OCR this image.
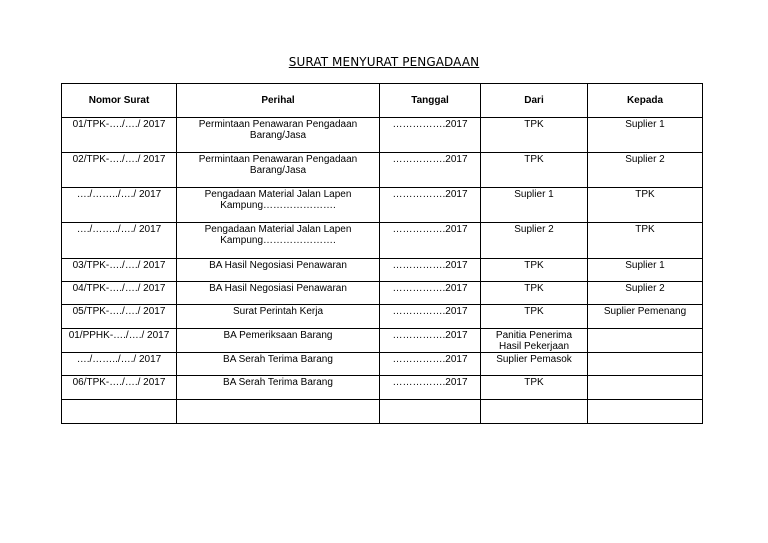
SURAT MENYURAT PENGADAAN
Nomor Surat	Perihal	Tanggal	Dari	Kepada
01/TPK-…./…./ 2017	Permintaan Penawaran Pengadaan Barang/Jasa	…………….2017	TPK	Suplier 1
02/TPK-…./…./ 2017	Permintaan Penawaran Pengadaan Barang/Jasa	…………….2017	TPK	Suplier 2
…./……../…./ 2017	Pengadaan Material Jalan Lapen Kampung………………….	…………….2017	Suplier 1	TPK
…./……../…./ 2017	Pengadaan Material Jalan Lapen Kampung………………….	…………….2017	Suplier 2	TPK
03/TPK-…./…./ 2017	BA Hasil Negosiasi Penawaran	…………….2017	TPK	Suplier 1
04/TPK-…./…./ 2017	BA Hasil Negosiasi Penawaran	…………….2017	TPK	Suplier 2
05/TPK-…./…./ 2017	Surat Perintah Kerja	…………….2017	TPK	Suplier Pemenang
01/PPHK-…./…./ 2017	BA Pemeriksaan Barang	…………….2017	Panitia Penerima Hasil Pekerjaan	
…./……../…./ 2017	BA Serah Terima Barang	…………….2017	Suplier Pemasok	
06/TPK-…./…./ 2017	BA Serah Terima Barang	…………….2017	TPK	
